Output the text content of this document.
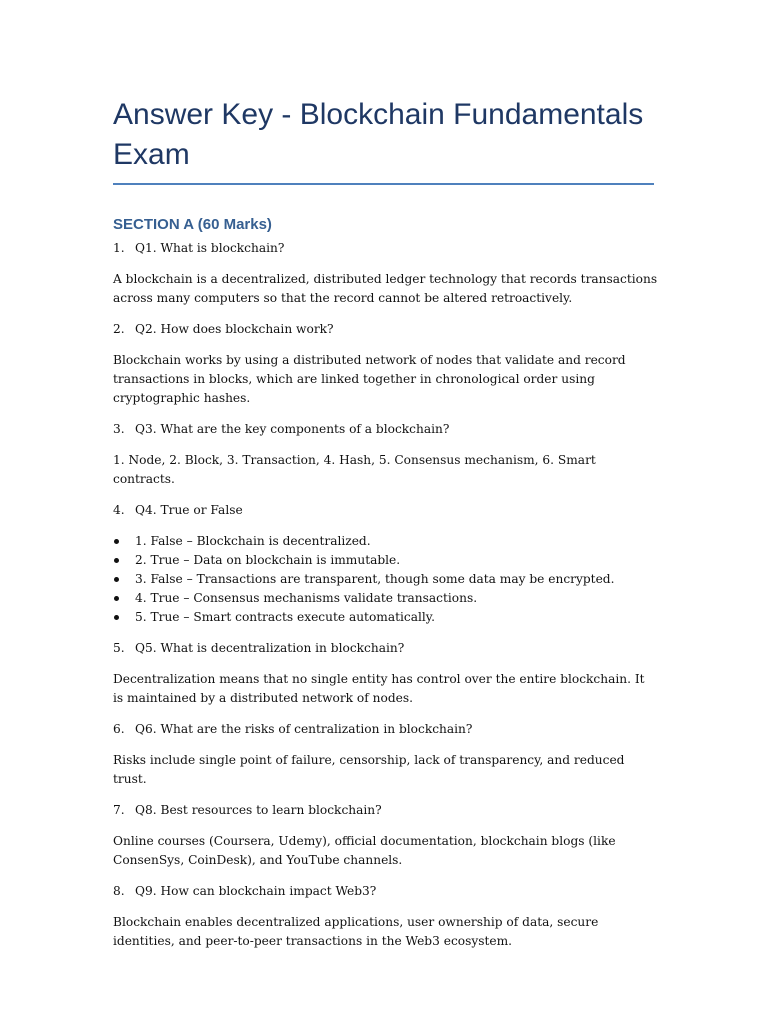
Answer Key - Blockchain Fundamentals Exam
SECTION A (60 Marks)
1. Q1. What is blockchain?

A blockchain is a decentralized, distributed ledger technology that records transactions across many computers so that the record cannot be altered retroactively.

2. Q2. How does blockchain work?

Blockchain works by using a distributed network of nodes that validate and record transactions in blocks, which are linked together in chronological order using cryptographic hashes.

3. Q3. What are the key components of a blockchain?

1. Node, 2. Block, 3. Transaction, 4. Hash, 5. Consensus mechanism, 6. Smart contracts.

4. Q4. True or False
1. False – Blockchain is decentralized.
2. True – Data on blockchain is immutable.
3. False – Transactions are transparent, though some data may be encrypted.
4. True – Consensus mechanisms validate transactions.
5. True – Smart contracts execute automatically.
5. Q5. What is decentralization in blockchain?

Decentralization means that no single entity has control over the entire blockchain. It is maintained by a distributed network of nodes.

6. Q6. What are the risks of centralization in blockchain?

Risks include single point of failure, censorship, lack of transparency, and reduced trust.

7. Q8. Best resources to learn blockchain?

Online courses (Coursera, Udemy), official documentation, blockchain blogs (like ConsenSys, CoinDesk), and YouTube channels.

8. Q9. How can blockchain impact Web3?

Blockchain enables decentralized applications, user ownership of data, secure identities, and peer-to-peer transactions in the Web3 ecosystem.
